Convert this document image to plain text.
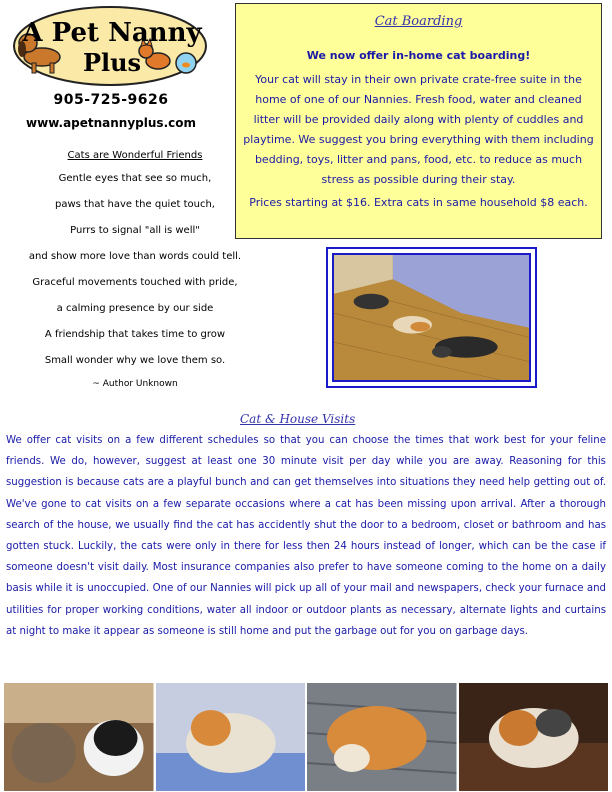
A Pet Nanny
Plus
905-725-9626
www.apetnannyplus.com
Cats are Wonderful Friends
Gentle eyes that see so much,
paws that have the quiet touch,
Purrs to signal "all is well"
and show more love than words could tell.
Graceful movements touched with pride,
a calming presence by our side
A friendship that takes time to grow
Small wonder why we love them so.
~ Author Unknown
Cat Boarding
We now offer in-home cat boarding!
Your cat will stay in their own private crate-free suite in the home of one of our Nannies. Fresh food, water and cleaned litter will be provided daily along with plenty of cuddles and playtime. We suggest you bring everything with them including bedding, toys, litter and pans, food, etc. to reduce as much stress as possible during their stay.
Prices starting at $16. Extra cats in same household $8 each.
Cat & House Visits
We offer cat visits on a few different schedules so that you can choose the times that work best for your feline friends. We do, however, suggest at least one 30 minute visit per day while you are away. Reasoning for this suggestion is because cats are a playful bunch and can get themselves into situations they need help getting out of. We've gone to cat visits on a few separate occasions where a cat has been missing upon arrival. After a thorough search of the house, we usually find the cat has accidently shut the door to a bedroom, closet or bathroom and has gotten stuck. Luckily, the cats were only in there for less then 24 hours instead of longer, which can be the case if someone doesn't visit daily. Most insurance companies also prefer to have someone coming to the home on a daily basis while it is unoccupied. One of our Nannies will pick up all of your mail and newspapers, check your furnace and utilities for proper working conditions, water all indoor or outdoor plants as necessary, alternate lights and curtains at night to make it appear as someone is still home and put the garbage out for you on garbage days.
